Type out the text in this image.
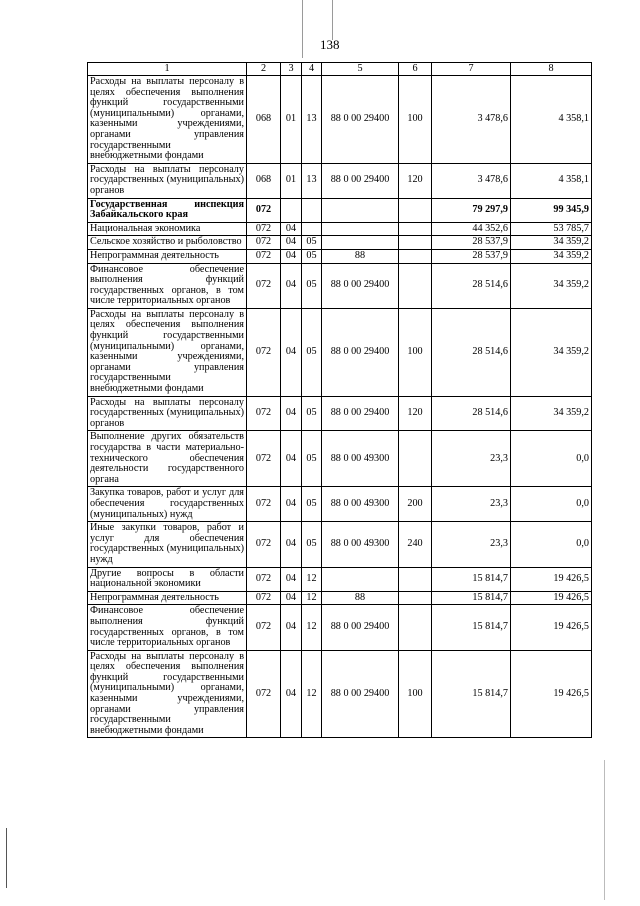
138
1	2	3	4	5	6	7	8
Расходы на выплаты персоналу в целях обеспечения выполнения функций государственными (муниципальными) органами, казенными учреждениями, органами управления государственными внебюджетными фондами	068	01	13	88 0 00 29400	100	3 478,6	4 358,1
Расходы на выплаты персоналу государственных (муниципальных) органов	068	01	13	88 0 00 29400	120	3 478,6	4 358,1
Государственная инспекция Забайкальского края	072					79 297,9	99 345,9
Национальная экономика	072	04				44 352,6	53 785,7
Сельское хозяйство и рыболовство	072	04	05			28 537,9	34 359,2
Непрограммная деятельность	072	04	05	88		28 537,9	34 359,2
Финансовое обеспечение выполнения функций государственных органов, в том числе территориальных органов	072	04	05	88 0 00 29400		28 514,6	34 359,2
Расходы на выплаты персоналу в целях обеспечения выполнения функций государственными (муниципальными) органами, казенными учреждениями, органами управления государственными внебюджетными фондами	072	04	05	88 0 00 29400	100	28 514,6	34 359,2
Расходы на выплаты персоналу государственных (муниципальных) органов	072	04	05	88 0 00 29400	120	28 514,6	34 359,2
Выполнение других обязательств государства в части материально-технического обеспечения деятельности государственного органа	072	04	05	88 0 00 49300		23,3	0,0
Закупка товаров, работ и услуг для обеспечения государственных (муниципальных) нужд	072	04	05	88 0 00 49300	200	23,3	0,0
Иные закупки товаров, работ и услуг для обеспечения государственных (муниципальных) нужд	072	04	05	88 0 00 49300	240	23,3	0,0
Другие вопросы в области национальной экономики	072	04	12			15 814,7	19 426,5
Непрограммная деятельность	072	04	12	88		15 814,7	19 426,5
Финансовое обеспечение выполнения функций государственных органов, в том числе территориальных органов	072	04	12	88 0 00 29400		15 814,7	19 426,5
Расходы на выплаты персоналу в целях обеспечения выполнения функций государственными (муниципальными) органами, казенными учреждениями, органами управления государственными внебюджетными фондами	072	04	12	88 0 00 29400	100	15 814,7	19 426,5
